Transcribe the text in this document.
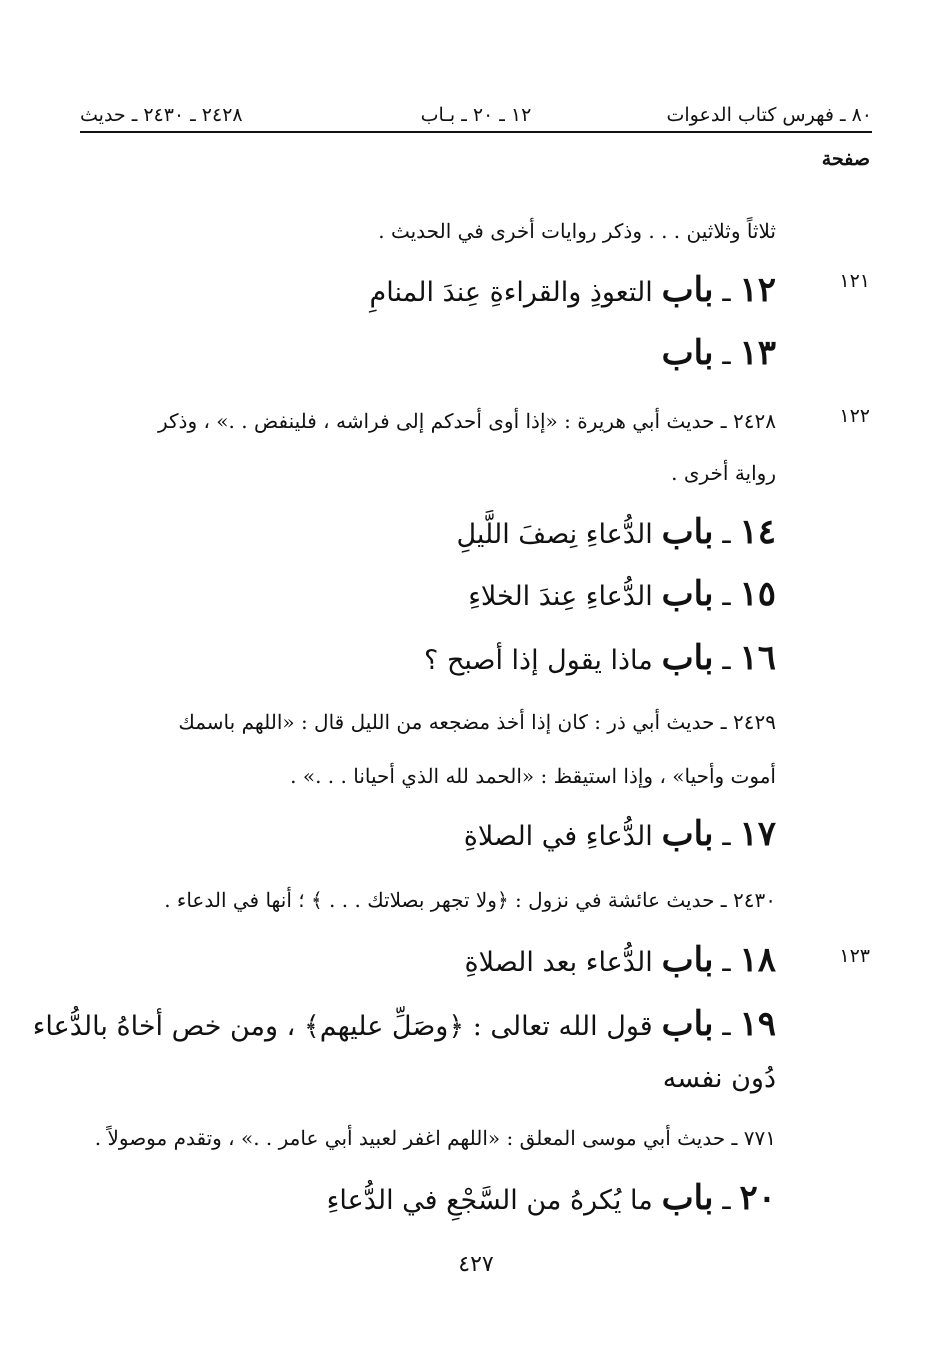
٨٠ ـ فهرس كتاب الدعوات
١٢ ـ ٢٠ ـ بـاب
٢٤٢٨ ـ ٢٤٣٠ ـ حديث
صفحة
ثلاثاً وثلاثين . . . وذكر روايات أخرى في الحديث .
١٢١
١٢ ـ باب التعوذِ والقراءةِ عِندَ المنامِ
١٣ ـ باب
١٢٢
٢٤٢٨ ـ حديث أبي هريرة : «إذا أوى أحدكم إلى فراشه ، فلينفض . .» ، وذكر
رواية أخرى .
١٤ ـ باب الدُّعاءِ نِصفَ اللَّيلِ
١٥ ـ باب الدُّعاءِ عِندَ الخلاءِ
١٦ ـ باب ماذا يقول إذا أصبح ؟
٢٤٢٩ ـ حديث أبي ذر : كان إذا أخذ مضجعه من الليل قال : «اللهم باسمك
أموت وأحيا» ، وإذا استيقظ : «الحمد لله الذي أحيانا . . .» .
١٧ ـ باب الدُّعاءِ في الصلاةِ
٢٤٣٠ ـ حديث عائشة في نزول : ﴿ولا تجهر بصلاتك . . . ﴾ ؛ أنها في الدعاء .
١٢٣
١٨ ـ باب الدُّعاء بعد الصلاةِ
١٩ ـ باب قول الله تعالى : ﴿وصَلِّ عليهم﴾ ، ومن خص أخاهُ بالدُّعاء
دُون نفسه
٧٧١ ـ حديث أبي موسى المعلق : «اللهم اغفر لعبيد أبي عامر . .» ، وتقدم موصولاً .
٢٠ ـ باب ما يُكرهُ من السَّجْعِ في الدُّعاءِ
٤٢٧
